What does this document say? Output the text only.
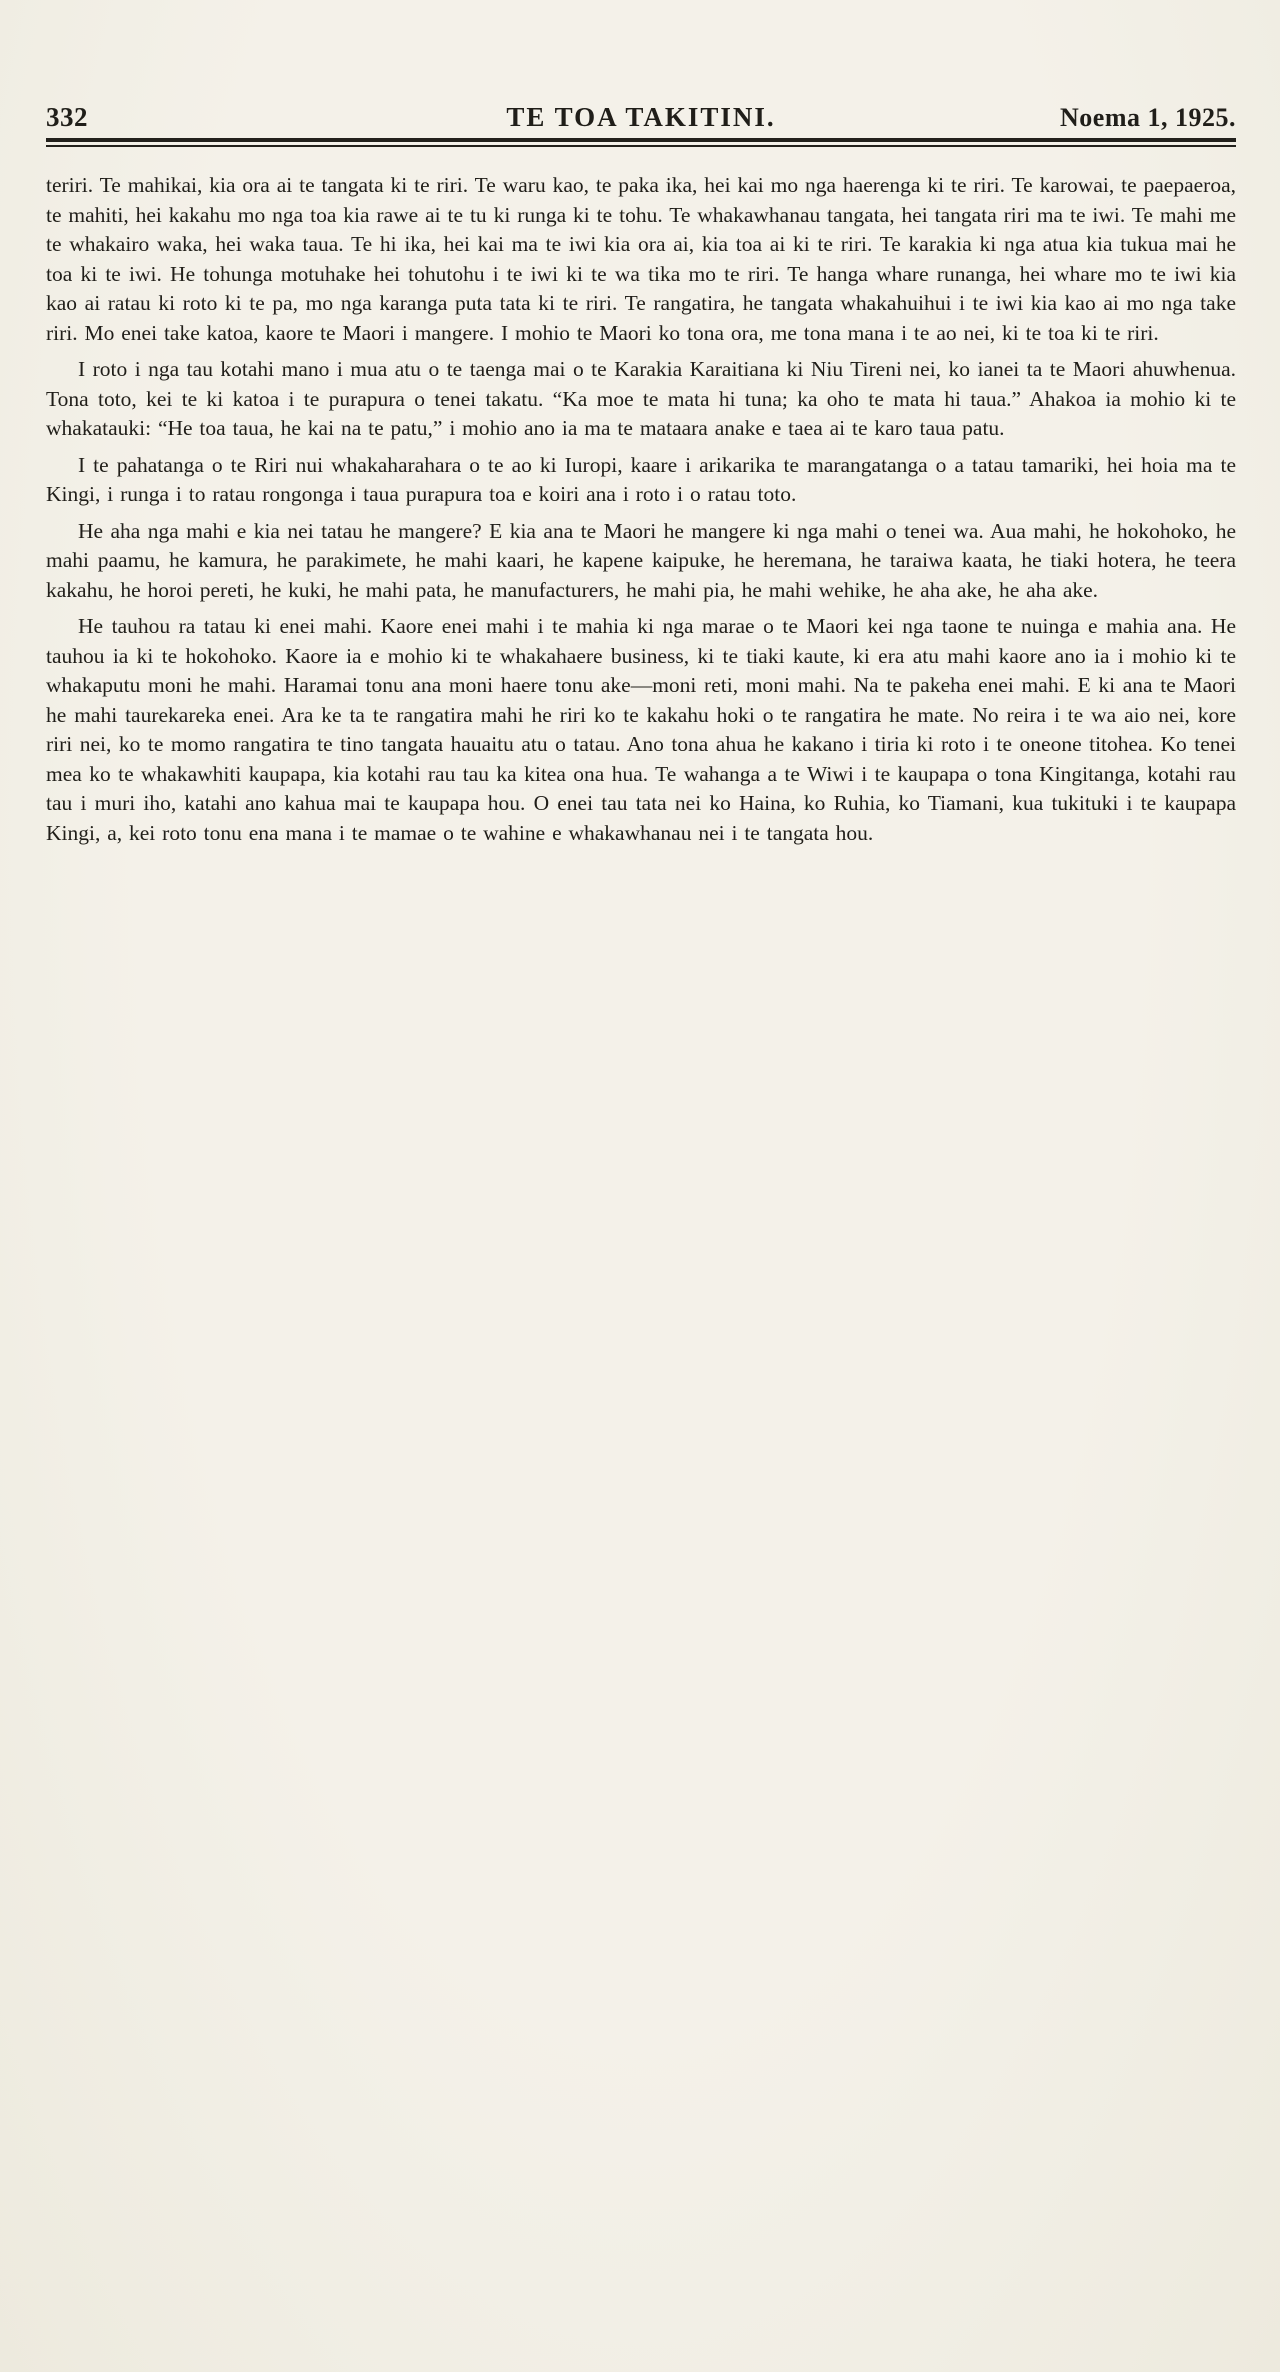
332	TE TOA TAKITINI.	Noema 1, 1925.

teriri. Te mahikai, kia ora ai te tangata ki te riri. Te waru kao, te paka ika, hei kai mo nga haerenga ki te riri. Te karowai, te paepaeroa, te mahiti, hei kakahu mo nga toa kia rawe ai te tu ki runga ki te tohu. Te whakawhanau tangata, hei tangata riri ma te iwi. Te mahi me te whakairo waka, hei waka taua. Te hi ika, hei kai ma te iwi kia ora ai, kia toa ai ki te riri. Te karakia ki nga atua kia tukua mai he toa ki te iwi. He tohunga motuhake hei tohutohu i te iwi ki te wa tika mo te riri. Te hanga whare runanga, hei whare mo te iwi kia kao ai ratau ki roto ki te pa, mo nga karanga puta tata ki te riri. Te rangatira, he tangata whakahuihui i te iwi kia kao ai mo nga take riri. Mo enei take katoa, kaore te Maori i mangere. I mohio te Maori ko tona ora, me tona mana i te ao nei, ki te toa ki te riri.

I roto i nga tau kotahi mano i mua atu o te taenga mai o te Karakia Karaitiana ki Niu Tireni nei, ko ianei ta te Maori ahuwhenua. Tona toto, kei te ki katoa i te purapura o tenei takatu. “Ka moe te mata hi tuna; ka oho te mata hi taua.” Ahakoa ia mohio ki te whakatauki: “He toa taua, he kai na te patu,” i mohio ano ia ma te mataara anake e taea ai te karo taua patu.

I te pahatanga o te Riri nui whakaharahara o te ao ki Iuropi, kaare i arikarika te marangatanga o a tatau tamariki, hei hoia ma te Kingi, i runga i to ratau rongonga i taua purapura toa e koiri ana i roto i o ratau toto.

He aha nga mahi e kia nei tatau he mangere? E kia ana te Maori he mangere ki nga mahi o tenei wa. Aua mahi, he hokohoko, he mahi paamu, he kamura, he parakimete, he mahi kaari, he kapene kaipuke, he heremana, he taraiwa kaata, he tiaki hotera, he teera kakahu, he horoi pereti, he kuki, he mahi pata, he manufacturers, he mahi pia, he mahi wehike, he aha ake, he aha ake.

He tauhou ra tatau ki enei mahi. Kaore enei mahi i te mahia ki nga marae o te Maori kei nga taone te nuinga e mahia ana. He tauhou ia ki te hokohoko. Kaore ia e mohio ki te whakahaere business, ki te tiaki kaute, ki era atu mahi kaore ano ia i mohio ki te whakaputu moni he mahi. Haramai tonu ana moni haere tonu ake—moni reti, moni mahi. Na te pakeha enei mahi. E ki ana te Maori he mahi taurekareka enei. Ara ke ta te rangatira mahi he riri ko te kakahu hoki o te rangatira he mate. No reira i te wa aio nei, kore riri nei, ko te momo rangatira te tino tangata hauaitu atu o tatau. Ano tona ahua he kakano i tiria ki roto i te oneone titohea. Ko tenei mea ko te whakawhiti kaupapa, kia kotahi rau tau ka kitea ona hua. Te wahanga a te Wiwi i te kaupapa o tona Kingitanga, kotahi rau tau i muri iho, katahi ano kahua mai te kaupapa hou. O enei tau tata nei ko Haina, ko Ruhia, ko Tiamani, kua tukituki i te kaupapa Kingi, a, kei roto tonu ena mana i te mamae o te wahine e whakawhanau nei i te tangata hou.
